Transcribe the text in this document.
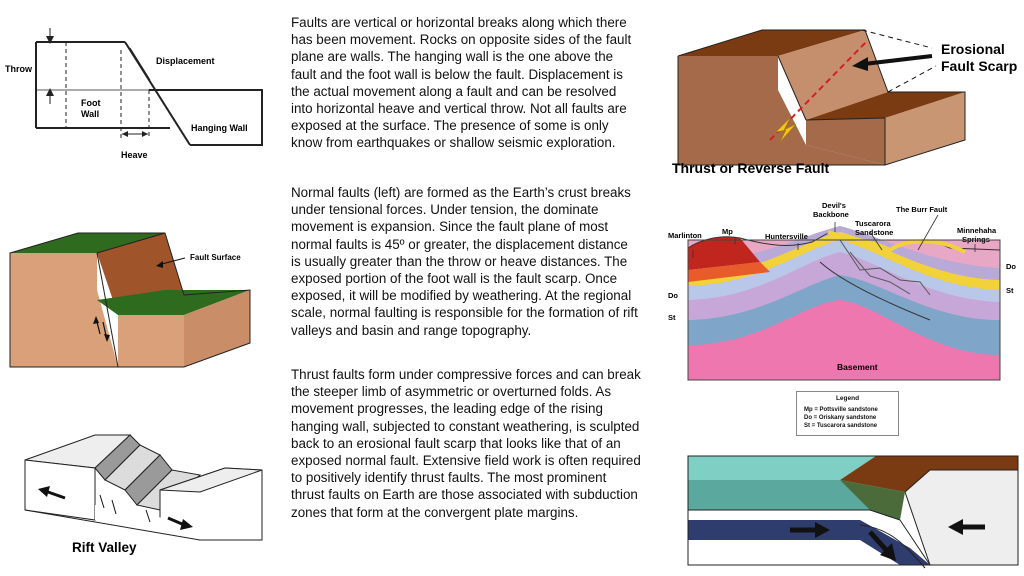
Throw
Displacement
Foot
Wall
Hanging Wall
Heave
Fault Surface
Rift Valley
Faults are vertical or horizontal breaks along which there has been movement. Rocks on opposite sides of the fault plane are walls. The hanging wall is the one above the fault and the foot wall is below the fault. Displacement is the actual movement along a fault and can be resolved into horizontal heave and vertical throw. Not all faults are exposed at the surface. The presence of some is only know from earthquakes or shallow seismic exploration.
Normal faults (left) are formed as the Earth’s crust breaks under tensional forces. Under tension, the dominate movement is expansion. Since the fault plane of most normal faults is 45º or greater, the displacement distance is usually greater than the throw or heave distances. The exposed portion of the foot wall is the fault scarp. Once exposed, it will be modified by weathering. At the regional scale, normal faulting is responsible for the formation of rift valleys and basin and range topography.
Thrust faults form under compressive forces and can break the steeper limb of asymmetric or overturned folds. As movement progresses, the leading edge of the rising hanging wall, subjected to constant weathering, is sculpted back to an erosional fault scarp that looks like that of an exposed normal fault. Extensive field work is often required to positively identify thrust faults. The most prominent thrust faults on Earth are those associated with subduction zones that form at the convergent plate margins.
Erosional
Fault Scarp
Thrust or Reverse Fault
Marlinton	Mp
Huntersville
Devil's
Backbone
Tuscarora
Sandstone
The Burr Fault
Minnehaha
Springs
Do
St
Do
St
Basement
Legend
Mp = Pottsville sandstone
Do = Oriskany sandstone
St = Tuscarora sandstone
